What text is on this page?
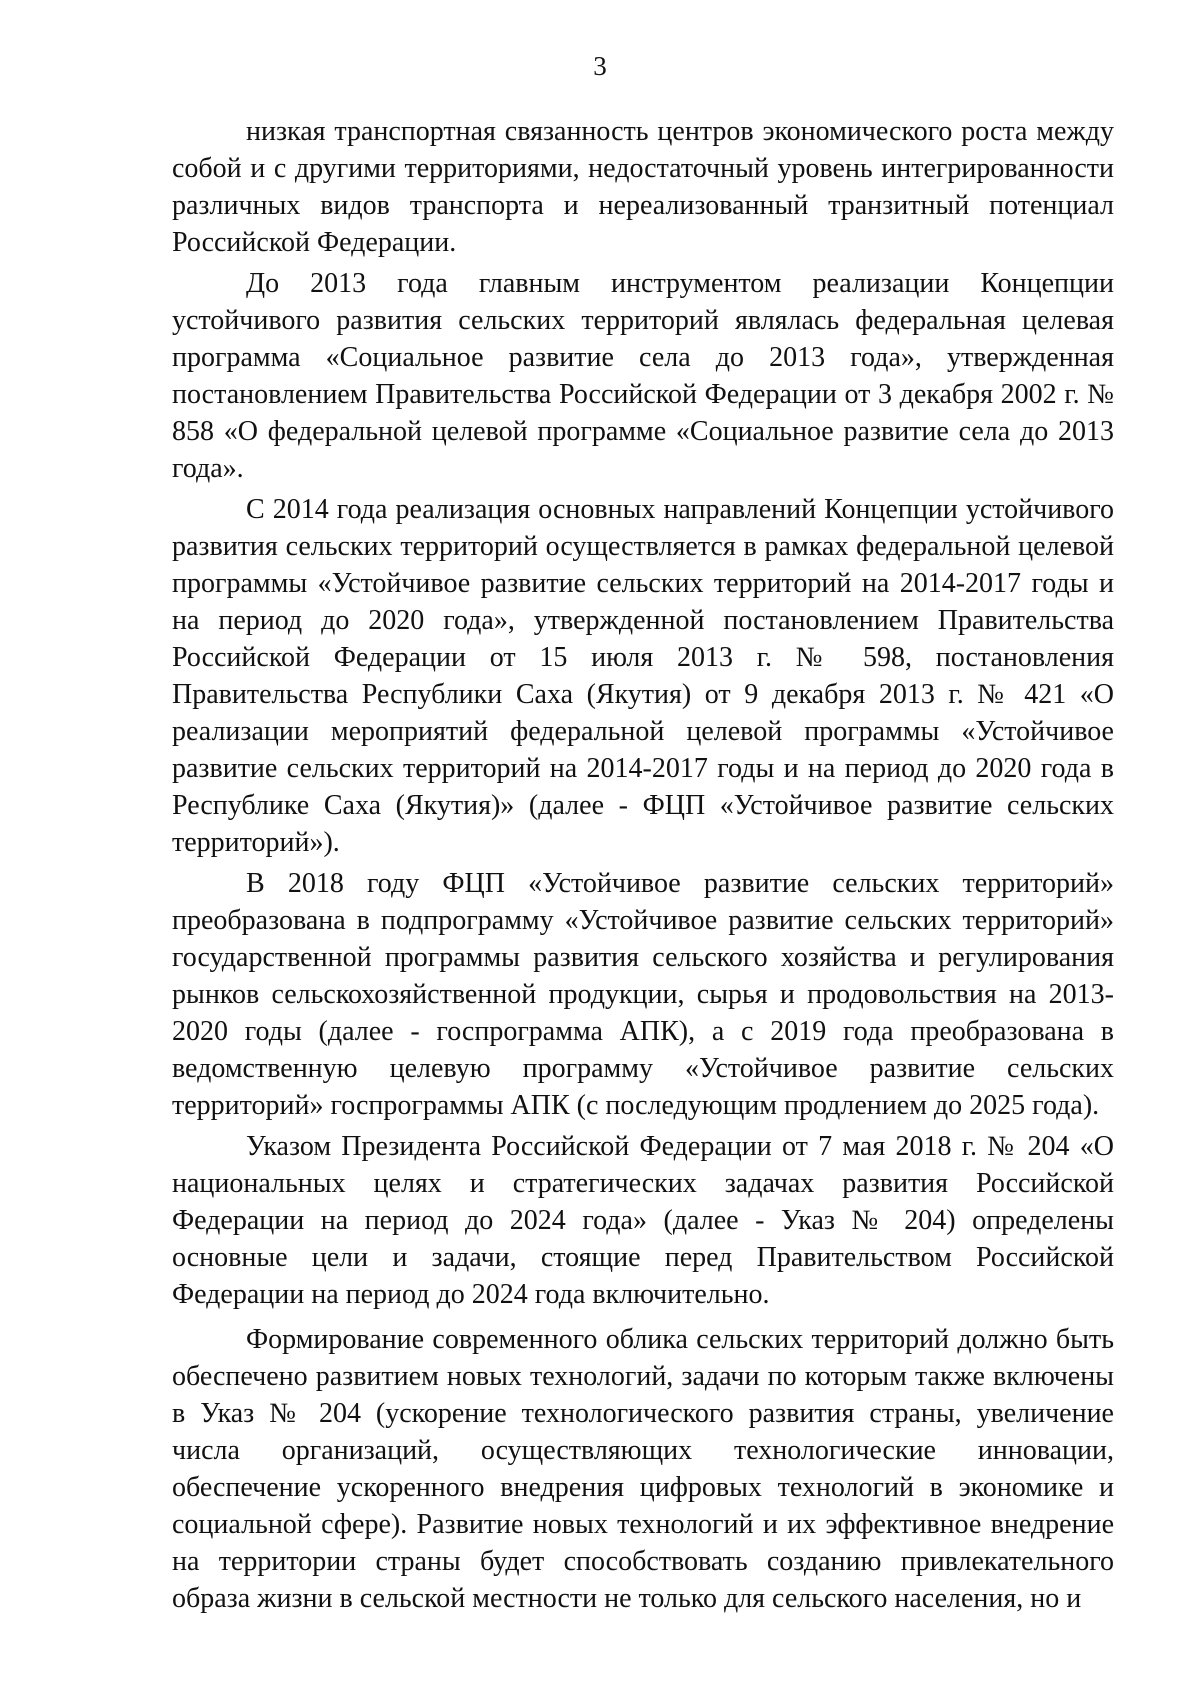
3

низкая транспортная связанность центров экономического роста между собой и с другими территориями, недостаточный уровень интегрированности различных видов транспорта и нереализованный транзитный потенциал Российской Федерации.

До 2013 года главным инструментом реализации Концепции устойчивого развития сельских территорий являлась федеральная целевая программа «Социальное развитие села до 2013 года», утвержденная постановлением Правительства Российской Федерации от 3 декабря 2002 г. № 858 «О федеральной целевой программе «Социальное развитие села до 2013 года».

С 2014 года реализация основных направлений Концепции устойчивого развития сельских территорий осуществляется в рамках федеральной целевой программы «Устойчивое развитие сельских территорий на 2014-2017 годы и на период до 2020 года», утвержденной постановлением Правительства Российской Федерации от 15 июля 2013 г. № 598, постановления Правительства Республики Саха (Якутия) от 9 декабря 2013 г. № 421 «О реализации мероприятий федеральной целевой программы «Устойчивое развитие сельских территорий на 2014-2017 годы и на период до 2020 года в Республике Саха (Якутия)» (далее - ФЦП «Устойчивое развитие сельских территорий»).

В 2018 году ФЦП «Устойчивое развитие сельских территорий» преобразована в подпрограмму «Устойчивое развитие сельских территорий» государственной программы развития сельского хозяйства и регулирования рынков сельскохозяйственной продукции, сырья и продовольствия на 2013-2020 годы (далее - госпрограмма АПК), а с 2019 года преобразована в ведомственную целевую программу «Устойчивое развитие сельских территорий» госпрограммы АПК (с последующим продлением до 2025 года).

Указом Президента Российской Федерации от 7 мая 2018 г. № 204 «О национальных целях и стратегических задачах развития Российской Федерации на период до 2024 года» (далее - Указ № 204) определены основные цели и задачи, стоящие перед Правительством Российской Федерации на период до 2024 года включительно.

Формирование современного облика сельских территорий должно быть обеспечено развитием новых технологий, задачи по которым также включены в Указ № 204 (ускорение технологического развития страны, увеличение числа организаций, осуществляющих технологические инновации, обеспечение ускоренного внедрения цифровых технологий в экономике и социальной сфере). Развитие новых технологий и их эффективное внедрение на территории страны будет способствовать созданию привлекательного образа жизни в сельской местности не только для сельского населения, но и
